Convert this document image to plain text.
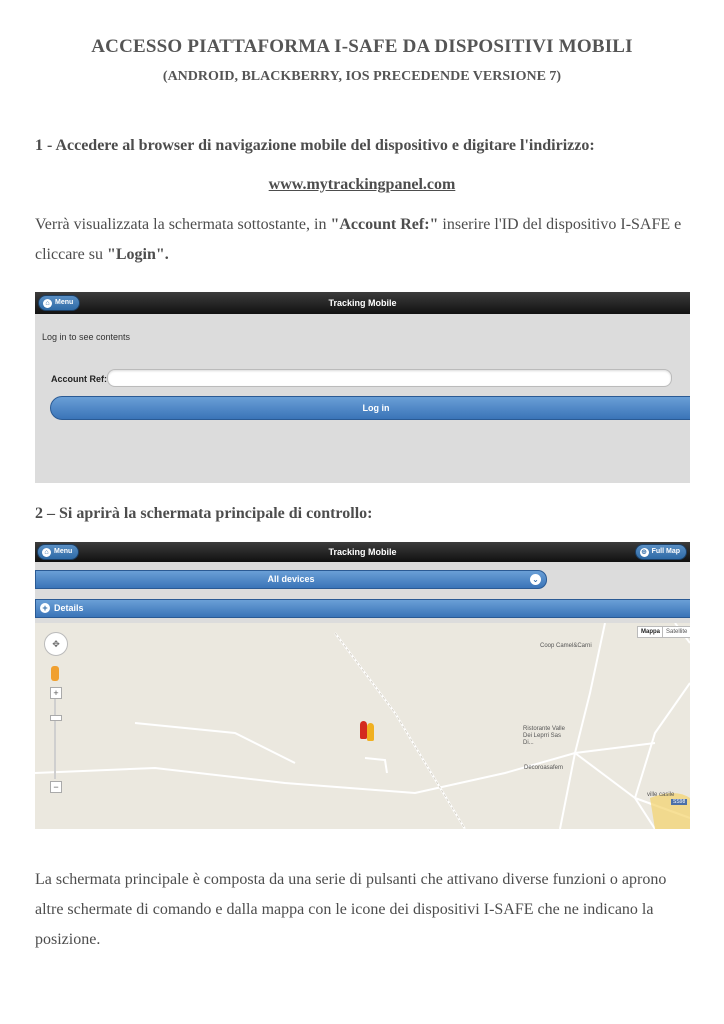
ACCESSO PIATTAFORMA I-SAFE DA DISPOSITIVI MOBILI
(ANDROID, BLACKBERRY, IOS PRECEDENDE VERSIONE 7)
1 - Accedere al browser di navigazione mobile del dispositivo e digitare l'indirizzo:
www.mytrackingpanel.com
Verrà visualizzata la schermata sottostante, in "Account Ref:" inserire l'ID del dispositivo I-SAFE e cliccare su "Login".
⌂ Menu	Tracking Mobile
Log in to see contents
Account Ref:
Log in
2 – Si aprirà la schermata principale di controllo:
⌂ Menu	Tracking Mobile	⊕ Full Map
All devices	⌄
+ Details
✥
+
−
Mappa Satellite
Coop Camel&Carni
Ristorante Valle Dei Leprri Sas Di...
Decoroasafem
ville casile
SS98
La schermata principale è composta da una serie di pulsanti che attivano diverse funzioni o aprono altre schermate di comando e dalla mappa con le icone dei dispositivi I-SAFE che ne indicano la posizione.
